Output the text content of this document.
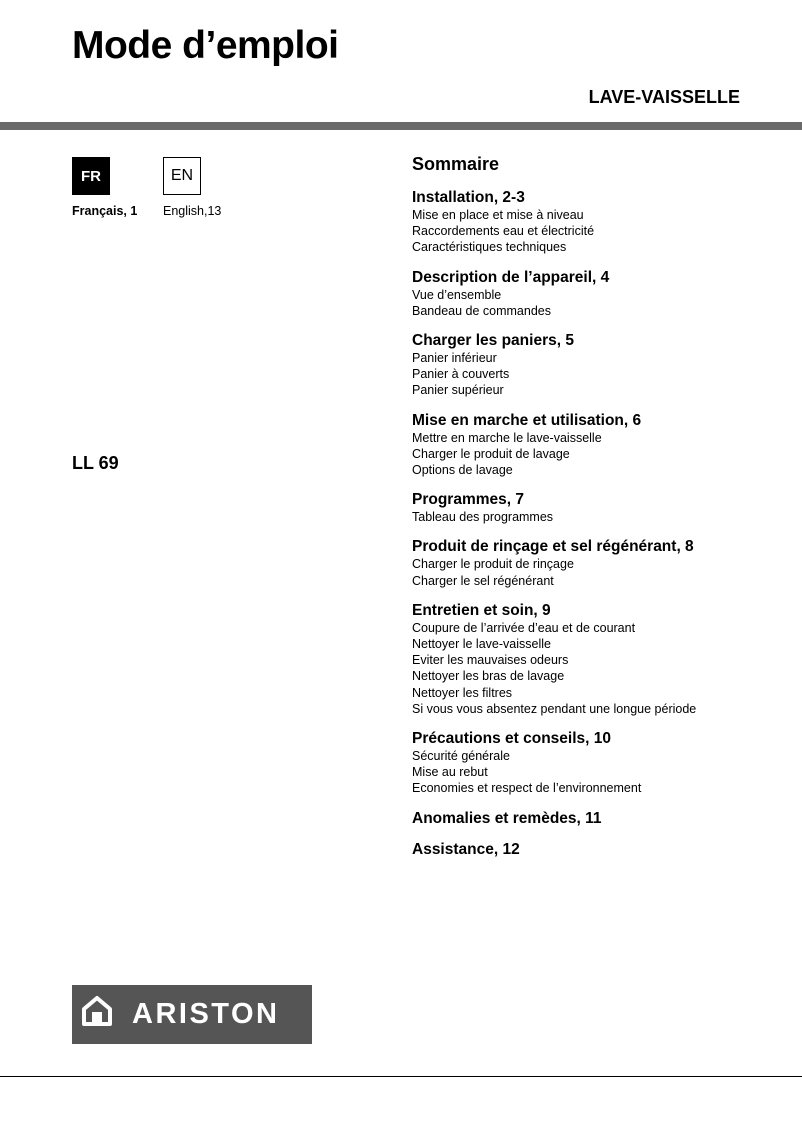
Mode d’emploi
LAVE-VAISSELLE
FR	EN
Français, 1 English,13
LL 69
Sommaire
Installation, 2-3
Mise en place et mise à niveau
Raccordements eau et électricité
Caractéristiques techniques
Description de l’appareil, 4
Vue d’ensemble
Bandeau de commandes
Charger les paniers, 5
Panier inférieur
Panier à couverts
Panier supérieur
Mise en marche et utilisation, 6
Mettre en marche le lave-vaisselle
Charger le produit de lavage
Options de lavage
Programmes, 7
Tableau des programmes
Produit de rinçage et sel régénérant, 8
Charger le produit de rinçage
Charger le sel régénérant
Entretien et soin, 9
Coupure de l’arrivée d’eau et de courant
Nettoyer le lave-vaisselle
Eviter les mauvaises odeurs
Nettoyer les bras de lavage
Nettoyer les filtres
Si vous vous absentez pendant une longue période
Précautions et conseils, 10
Sécurité générale
Mise au rebut
Economies et respect de l’environnement
Anomalies et remèdes, 11
Assistance, 12
ARISTON
